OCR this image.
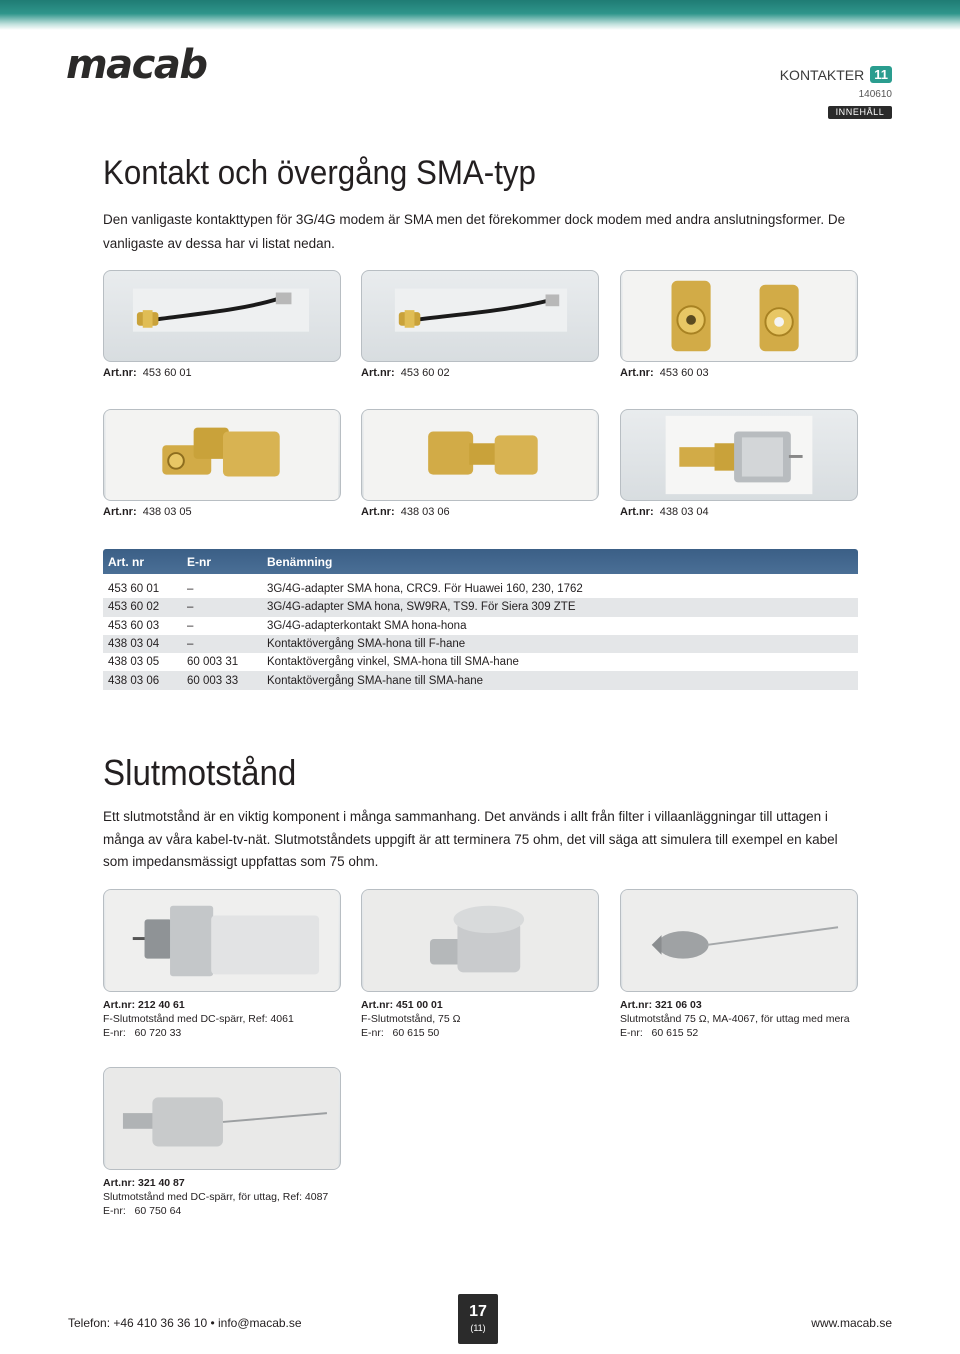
macab	KONTAKTER 11
140610
INNEHÅLL
Kontakt och övergång SMA-typ

Den vanligaste kontakttypen för 3G/4G modem är SMA men det förekommer dock modem med andra anslutningsformer. De vanligaste av dessa har vi listat nedan.

Art.nr: 453 60 01	Art.nr: 453 60 02	Art.nr: 453 60 03
Art.nr: 438 03 05	Art.nr: 438 03 06	Art.nr: 438 03 04
Art. nr	E-nr	Benämning
453 60 01	–	3G/4G-adapter SMA hona, CRC9. För Huawei 160, 230, 1762
453 60 02	–	3G/4G-adapter SMA hona, SW9RA, TS9. För Siera 309 ZTE
453 60 03	–	3G/4G-adapterkontakt SMA hona-hona
438 03 04	–	Kontaktövergång SMA-hona till F-hane
438 03 05	60 003 31	Kontaktövergång vinkel, SMA-hona till SMA-hane
438 03 06	60 003 33	Kontaktövergång SMA-hane till SMA-hane
Slutmotstånd

Ett slutmotstånd är en viktig komponent i många sammanhang. Det används i allt från filter i villaanläggningar till uttagen i många av våra kabel-tv-nät. Slutmotståndets uppgift är att terminera 75 ohm, det vill säga att simulera till exempel en kabel som impedansmässigt uppfattas som 75 ohm.

Art.nr: 212 40 61
F-Slutmotstånd med DC-spärr, Ref: 4061
E-nr: 60 720 33
Art.nr: 451 00 01
F-Slutmotstånd, 75 Ω
E-nr: 60 615 50
Art.nr: 321 06 03
Slutmotstånd 75 Ω, MA-4067, för uttag med mera
E-nr: 60 615 52
Art.nr: 321 40 87
Slutmotstånd med DC-spärr, för uttag, Ref: 4087
E-nr: 60 750 64
Telefon: +46 410 36 36 10 • info@macab.se
17
(11)	www.macab.se
